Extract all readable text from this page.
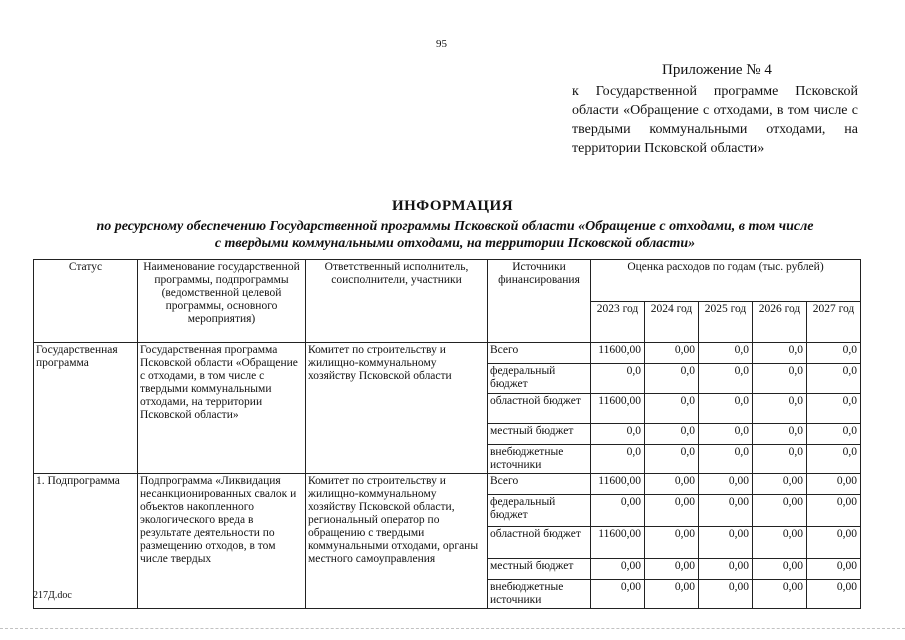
95
Приложение № 4
к Государственной программе Псковской области «Обращение с отходами, в том числе с твердыми коммунальными отходами, на территории Псковской области»
ИНФОРМАЦИЯ
по ресурсному обеспечению Государственной программы Псковской области «Обращение с отходами, в том числе
с твердыми коммунальными отходами, на территории Псковской области»
Статус	Наименование государственной программы, подпрограммы (ведомственной целевой программы, основного мероприятия)	Ответственный исполнитель, соисполнители, участники	Источники финансирования	Оценка расходов по годам (тыс. рублей)				
				2023 год	2024 год	2025 год	2026 год	2027 год
Государственная программа	Государственная программа Псковской области «Обращение с отходами, в том числе с твердыми коммунальными отходами, на территории Псковской области»	Комитет по строительству и жилищно-коммунальному хозяйству Псковской области	Всего	11600,00	0,00	0,0	0,0	0,0
			федеральный бюджет	0,0	0,0	0,0	0,0	0,0
			областной бюджет	11600,00	0,0	0,0	0,0	0,0
			местный бюджет	0,0	0,0	0,0	0,0	0,0
			внебюджетные источники	0,0	0,0	0,0	0,0	0,0
1. Подпрограмма	Подпрограмма «Ликвидация несанкционированных свалок и объектов накопленного экологического вреда в результате деятельности по размещению отходов, в том числе твердых	Комитет по строительству и жилищно-коммунальному хозяйству Псковской области, региональный оператор по обращению с твердыми коммунальными отходами, органы местного самоуправления	Всего	11600,00	0,00	0,00	0,00	0,00
			федеральный бюджет	0,00	0,00	0,00	0,00	0,00
			областной бюджет	11600,00	0,00	0,00	0,00	0,00
			местный бюджет	0,00	0,00	0,00	0,00	0,00
			внебюджетные источники	0,00	0,00	0,00	0,00	0,00
217Д.doc
